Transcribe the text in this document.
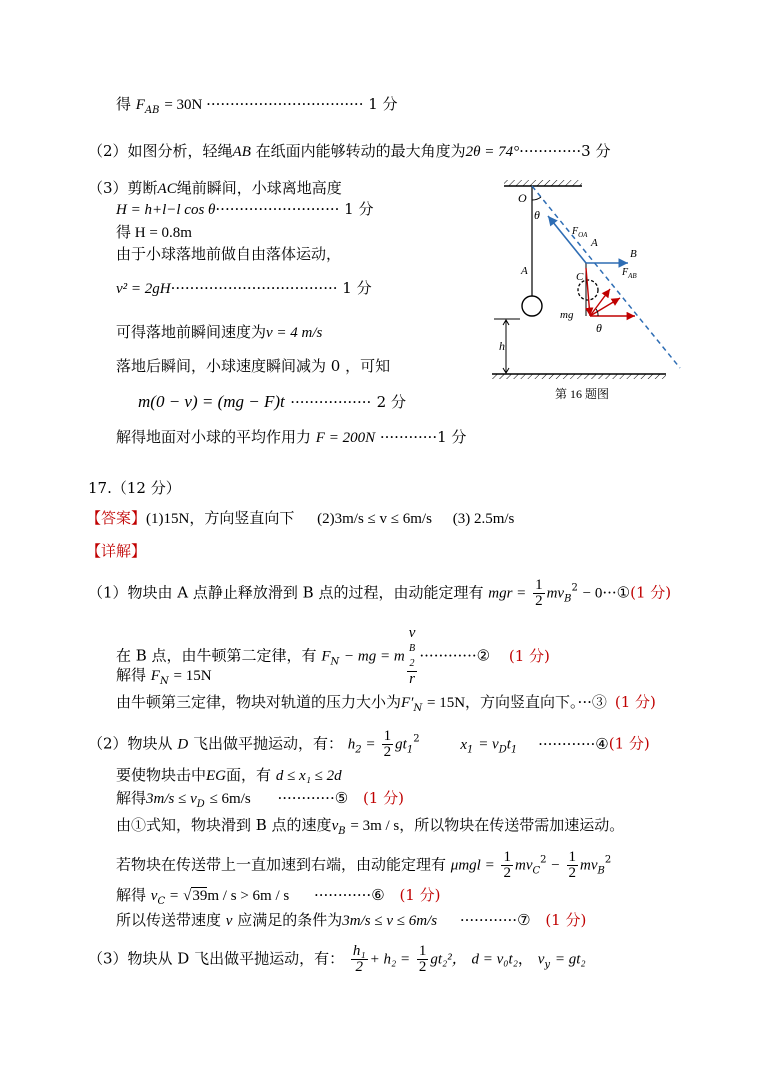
得 $F_{AB} = 30N$ ································· 1 分
（2）如图分析，轻绳AB 在纸面内能够转动的最大角度为2θ = 74°·············3 分
（3）剪断AC绳前瞬间，小球离地高度
H = h+l−l cos θ·························· 1 分
得 H = 0.8m
由于小球落地前做自由落体运动，
v² = 2gH··································· 1 分
可得落地前瞬间速度为v = 4 m/s
落地后瞬间，小球速度瞬间减为 0 ，可知
m(0 − v) = (mg − F)t ················· 2 分
解得地面对小球的平均作用力 F = 200N ············1 分
O
θ
$F_{OA}$
A
B
$F_{AB}$
C
mg
θ
A
h
第 16 题图
17.（12 分）
【答案】(1)15N，方向竖直向下 (2)3m/s ≤ v ≤ 6m/s (3) 2.5m/s
【详解】
（1）物块由 A 点静止释放滑到 B 点的过程，由动能定理有 mgr = $\frac{1}{2} mv_B^2$ − 0···①(1 分)
在 B 点，由牛顿第二定律，有 $F_N$ − mg = m v
B
2
r ············② (1 分)
解得 $F_N = 15N$
由牛顿第三定律，物块对轨道的压力大小为$F'_N = 15N$，方向竖直向下。···③ (1 分)
（2）物块从 D 飞出做平抛运动，有： $h_2 = \frac{1}{2} gt_1^2$	$x_1 = v_Dt_1$ ············④(1 分)
要使物块击中EG面，有 d ≤ x₁ ≤ 2d
解得$3m/s \le v_D \le 6m/s$ ············⑤ (1 分)
由①式知，物块滑到 B 点的速度$v_B = 3m / s$，所以物块在传送带需加速运动。
若物块在传送带上一直加速到右端，由动能定理有 $\mu mgl = \frac{1}{2} mv_C^2 - \frac{1}{2} mv_B^2$
解得 $v_C = √39m / s > 6m / s$ ············⑥ (1 分)
所以传送带速度 v 应满足的条件为3m/s ≤ v ≤ 6m/s ············⑦ (1 分)
（3）物块从 D 飞出做平抛运动，有： $\frac{\text{h₁}}{2} + h_2 = \frac{1}{2} gt_2^2$， d = v₀t₂， $v_y = gt_2$
